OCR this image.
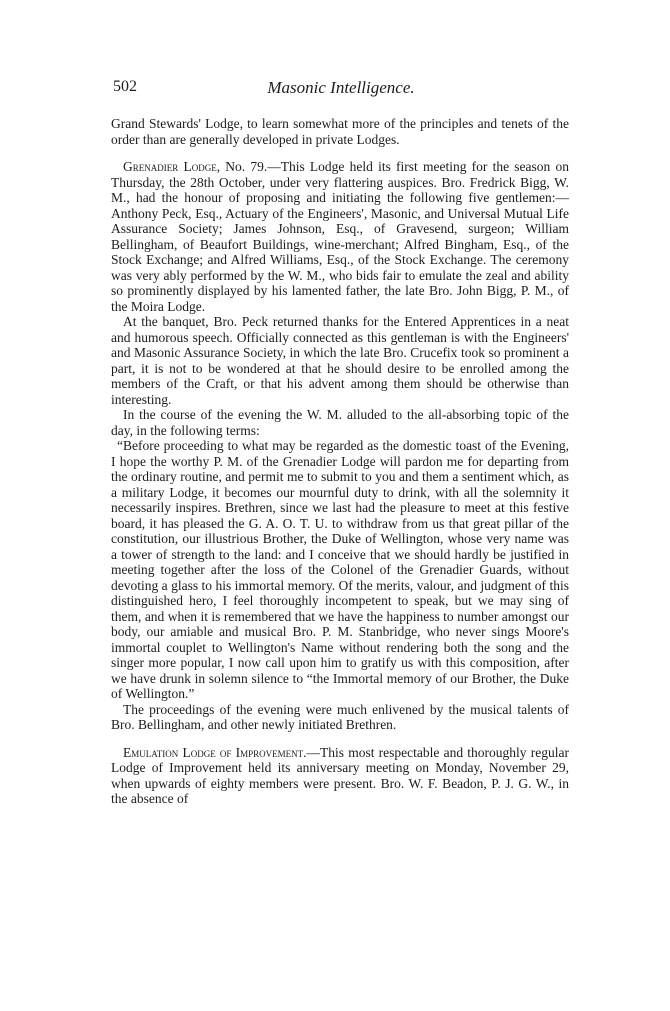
502	Masonic Intelligence.

Grand Stewards' Lodge, to learn somewhat more of the principles and tenets of the order than are generally developed in private Lodges.

Grenadier Lodge, No. 79.—This Lodge held its first meeting for the season on Thursday, the 28th October, under very flattering auspices. Bro. Fredrick Bigg, W. M., had the honour of proposing and initiating the following five gentlemen:—Anthony Peck, Esq., Actuary of the Engineers', Masonic, and Universal Mutual Life Assurance Society; James Johnson, Esq., of Gravesend, surgeon; William Bellingham, of Beaufort Buildings, wine-merchant; Alfred Bingham, Esq., of the Stock Exchange; and Alfred Williams, Esq., of the Stock Exchange. The ceremony was very ably performed by the W. M., who bids fair to emulate the zeal and ability so prominently displayed by his lamented father, the late Bro. John Bigg, P. M., of the Moira Lodge.

At the banquet, Bro. Peck returned thanks for the Entered Apprentices in a neat and humorous speech. Officially connected as this gentleman is with the Engineers' and Masonic Assurance Society, in which the late Bro. Crucefix took so prominent a part, it is not to be wondered at that he should desire to be enrolled among the members of the Craft, or that his advent among them should be otherwise than interesting.

In the course of the evening the W. M. alluded to the all-absorbing topic of the day, in the following terms:

“Before proceeding to what may be regarded as the domestic toast of the Evening, I hope the worthy P. M. of the Grenadier Lodge will pardon me for departing from the ordinary routine, and permit me to submit to you and them a sentiment which, as a military Lodge, it becomes our mournful duty to drink, with all the solemnity it necessarily inspires. Brethren, since we last had the pleasure to meet at this festive board, it has pleased the G. A. O. T. U. to withdraw from us that great pillar of the constitution, our illustrious Brother, the Duke of Wellington, whose very name was a tower of strength to the land: and I conceive that we should hardly be justified in meeting together after the loss of the Colonel of the Grenadier Guards, without devoting a glass to his immortal memory. Of the merits, valour, and judgment of this distinguished hero, I feel thoroughly incompetent to speak, but we may sing of them, and when it is remembered that we have the happiness to number amongst our body, our amiable and musical Bro. P. M. Stanbridge, who never sings Moore's immortal couplet to Wellington's Name without rendering both the song and the singer more popular, I now call upon him to gratify us with this composition, after we have drunk in solemn silence to “the Immortal memory of our Brother, the Duke of Wellington.”

The proceedings of the evening were much enlivened by the musical talents of Bro. Bellingham, and other newly initiated Brethren.

Emulation Lodge of Improvement.—This most respectable and thoroughly regular Lodge of Improvement held its anniversary meeting on Monday, November 29, when upwards of eighty members were present. Bro. W. F. Beadon, P. J. G. W., in the absence of
